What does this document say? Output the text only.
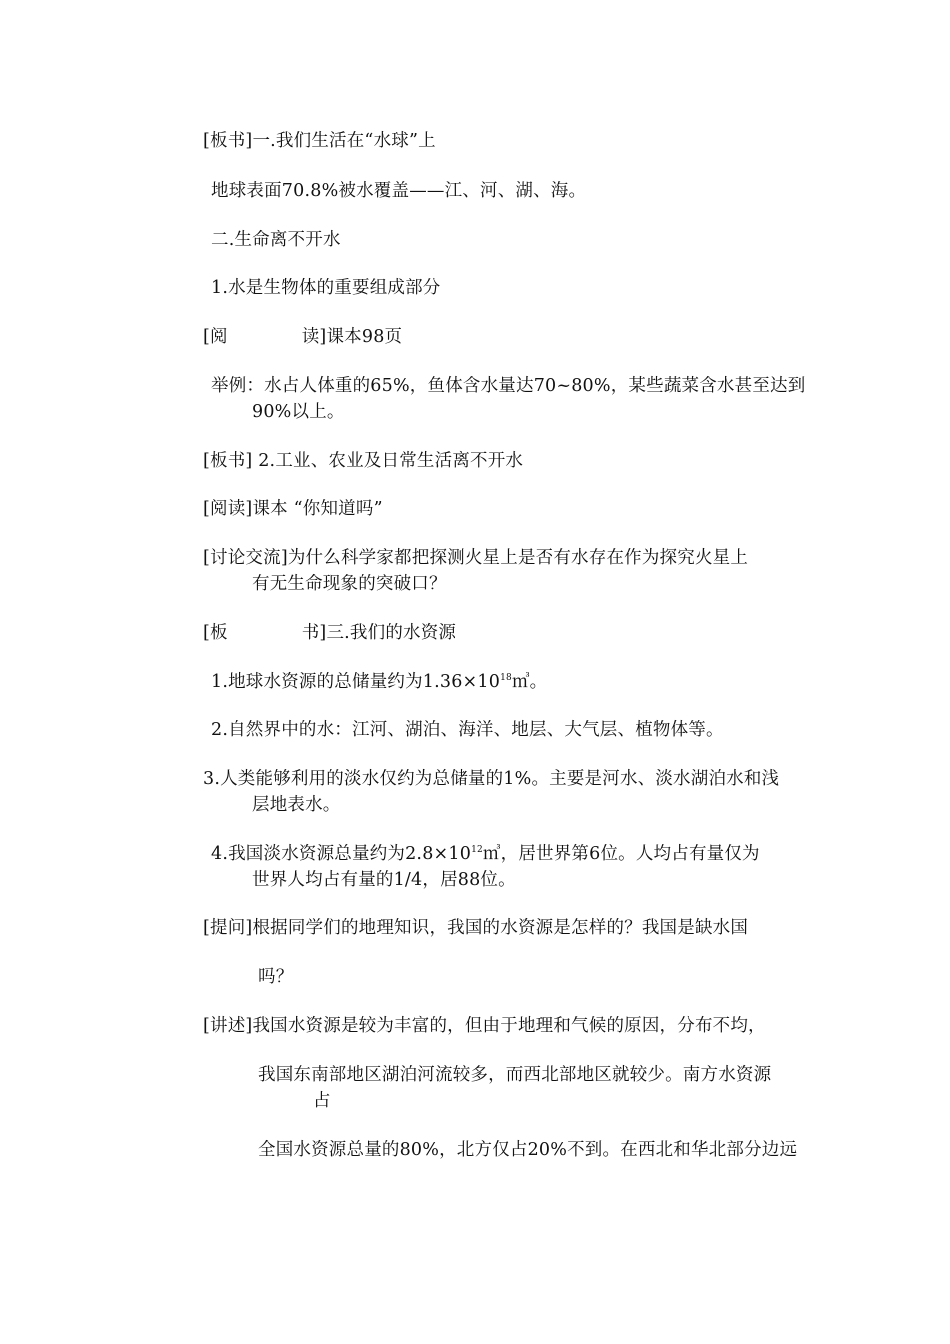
[板书]一.我们生活在“水球”上
地球表面70.8%被水覆盖——江、河、湖、海。
二.生命离不开水
1.水是生物体的重要组成部分
[阅	读]课本98页
举例：水占人体重的65%，鱼体含水量达70~80%，某些蔬菜含水甚至达到
90%以上。
[板书] 2.工业、农业及日常生活离不开水
[阅读]课本 “你知道吗”
[讨论交流]为什么科学家都把探测火星上是否有水存在作为探究火星上
有无生命现象的突破口？
[板	书]三.我们的水资源
1.地球水资源的总储量约为$1.36\times 10^{18}㎥$。
2.自然界中的水：江河、湖泊、海洋、地层、大气层、植物体等。
3.人类能够利用的淡水仅约为总储量的1%。主要是河水、淡水湖泊水和浅
层地表水。
4.我国淡水资源总量约为$2.8\times 10^{12}㎥$，居世界第6位。人均占有量仅为
世界人均占有量的1/4，居88位。
[提问]根据同学们的地理知识，我国的水资源是怎样的？我国是缺水国
吗？
[讲述]我国水资源是较为丰富的，但由于地理和气候的原因，分布不均，
我国东南部地区湖泊河流较多，而西北部地区就较少。南方水资源
占
全国水资源总量的80%，北方仅占20%不到。在西北和华北部分边远
